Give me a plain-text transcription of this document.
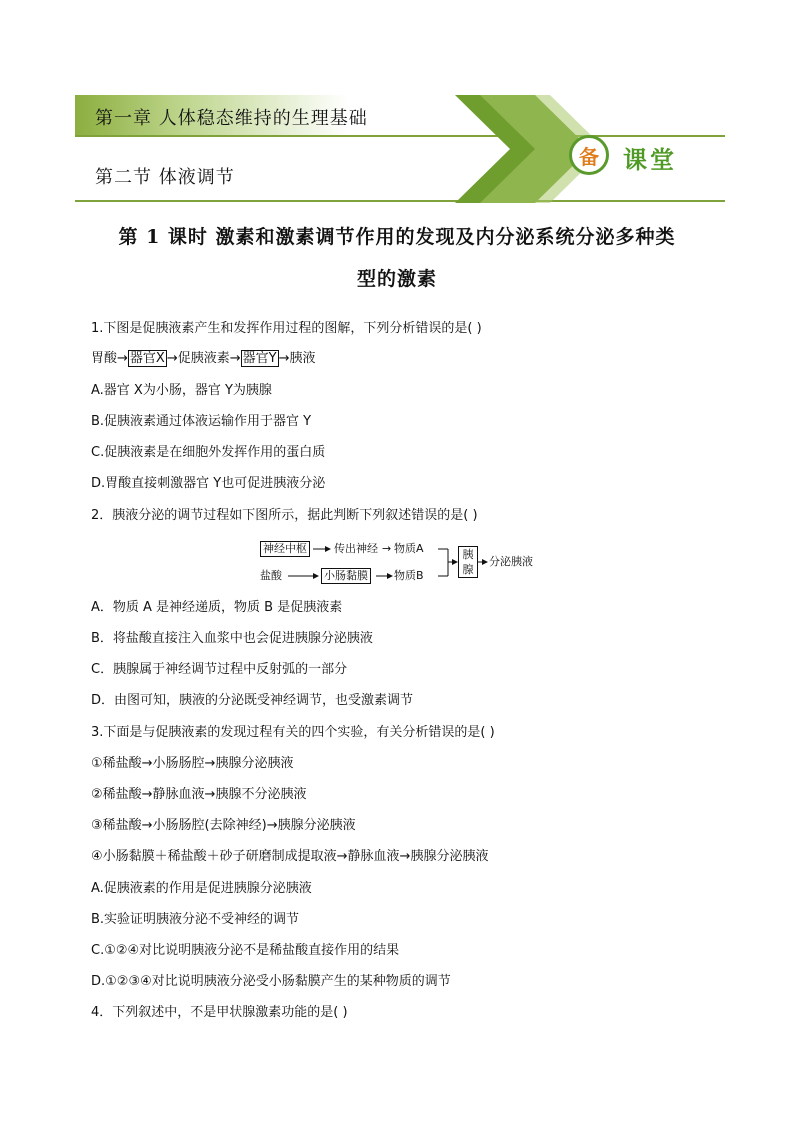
第一章 人体稳态维持的生理基础
第二节 体液调节
备 课堂
第 1 课时 激素和激素调节作用的发现及内分泌系统分泌多种类
型的激素
1.下图是促胰液素产生和发挥作用过程的图解，下列分析错误的是( )
胃酸→ 器官X →促胰液素→ 器官Y →胰液
A.器官 X为小肠，器官 Y为胰腺
B.促胰液素通过体液运输作用于器官 Y
C.促胰液素是在细胞外发挥作用的蛋白质
D.胃酸直接刺激器官 Y也可促进胰液分泌
2．胰液分泌的调节过程如下图所示，据此判断下列叙述错误的是( )
神经中枢 传出神经 → 物质A
盐酸	小肠黏膜 物质B
胰
腺
分泌胰液
A．物质 A 是神经递质，物质 B 是促胰液素
B．将盐酸直接注入血浆中也会促进胰腺分泌胰液
C．胰腺属于神经调节过程中反射弧的一部分
D．由图可知，胰液的分泌既受神经调节，也受激素调节
3.下面是与促胰液素的发现过程有关的四个实验，有关分析错误的是( )
①稀盐酸→小肠肠腔→胰腺分泌胰液
②稀盐酸→静脉血液→胰腺不分泌胰液
③稀盐酸→小肠肠腔(去除神经)→胰腺分泌胰液
④小肠黏膜＋稀盐酸＋砂子研磨制成提取液→静脉血液→胰腺分泌胰液
A.促胰液素的作用是促进胰腺分泌胰液
B.实验证明胰液分泌不受神经的调节
C.①②④对比说明胰液分泌不是稀盐酸直接作用的结果
D.①②③④对比说明胰液分泌受小肠黏膜产生的某种物质的调节
4．下列叙述中，不是甲状腺激素功能的是( )
